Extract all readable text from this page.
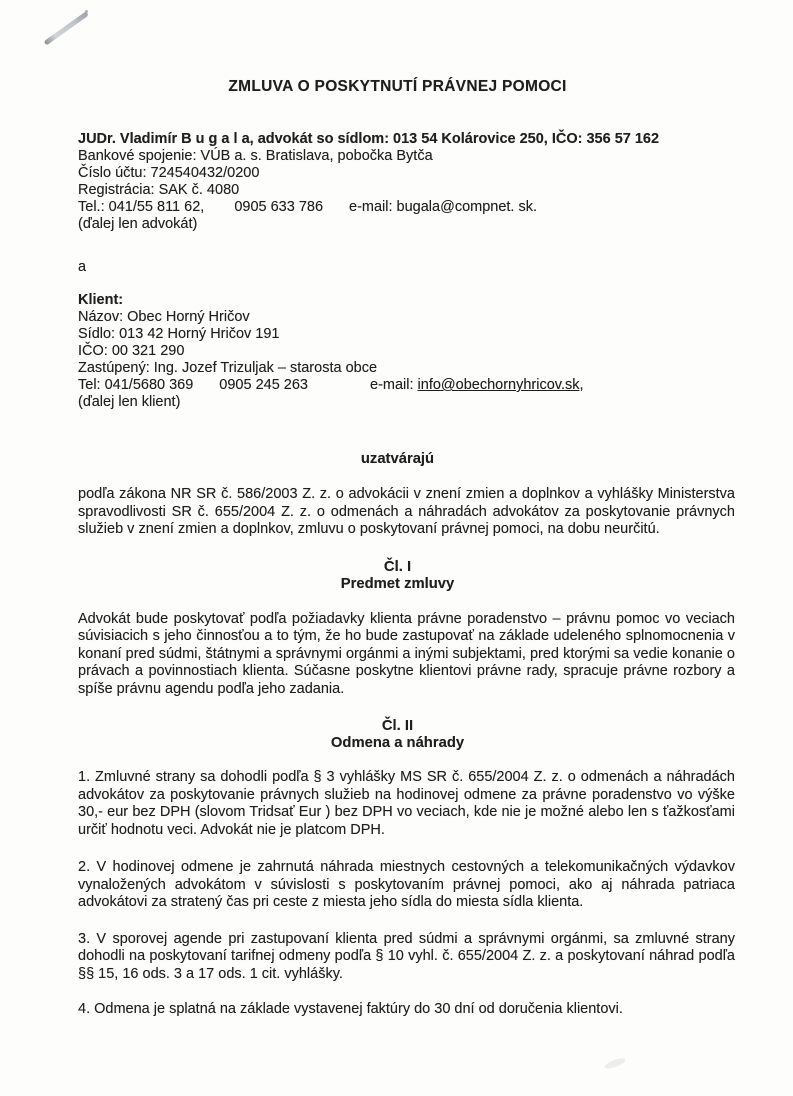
ZMLUVA O POSKYTNUTÍ PRÁVNEJ POMOCI

JUDr. Vladimír B u g a l a, advokát so sídlom: 013 54 Kolárovice 250, IČO: 356 57 162

Bankové spojenie: VÚB a. s. Bratislava, pobočka Bytča

Číslo účtu: 724540432/0200

Registrácia: SAK č. 4080

Tel.: 041/55 811 62, 0905 633 786 e-mail: bugala@compnet. sk.

(ďalej len advokát)

a

Klient:

Názov: Obec Horný Hričov

Sídlo: 013 42 Horný Hričov 191

IČO: 00 321 290

Zastúpený: Ing. Jozef Trizuljak – starosta obce

Tel: 041/5680 369 0905 245 263	e-mail: info@obechornyhricov.sk,

(ďalej len klient)

uzatvárajú

podľa zákona NR SR č. 586/2003 Z. z. o advokácii v znení zmien a doplnkov a vyhlášky Ministerstva spravodlivosti SR č. 655/2004 Z. z. o odmenách a náhradách advokátov za poskytovanie právnych služieb v znení zmien a doplnkov, zmluvu o poskytovaní právnej pomoci, na dobu neurčitú.

Čl. I

Predmet zmluvy

Advokát bude poskytovať podľa požiadavky klienta právne poradenstvo – právnu pomoc vo veciach súvisiacich s jeho činnosťou a to tým, že ho bude zastupovať na základe udeleného splnomocnenia v konaní pred súdmi, štátnymi a správnymi orgánmi a inými subjektami, pred ktorými sa vedie konanie o právach a povinnostiach klienta. Súčasne poskytne klientovi právne rady, spracuje právne rozbory a spíše právnu agendu podľa jeho zadania.

Čl. II

Odmena a náhrady

1. Zmluvné strany sa dohodli podľa § 3 vyhlášky MS SR č. 655/2004 Z. z. o odmenách a náhradách advokátov za poskytovanie právnych služieb na hodinovej odmene za právne poradenstvo vo výške 30,- eur bez DPH (slovom Tridsať Eur ) bez DPH vo veciach, kde nie je možné alebo len s ťažkosťami určiť hodnotu veci. Advokát nie je platcom DPH.

2. V hodinovej odmene je zahrnutá náhrada miestnych cestovných a telekomunikačných výdavkov vynaložených advokátom v súvislosti s poskytovaním právnej pomoci, ako aj náhrada patriaca advokátovi za stratený čas pri ceste z miesta jeho sídla do miesta sídla klienta.

3. V sporovej agende pri zastupovaní klienta pred súdmi a správnymi orgánmi, sa zmluvné strany dohodli na poskytovaní tarifnej odmeny podľa § 10 vyhl. č. 655/2004 Z. z. a poskytovaní náhrad podľa §§ 15, 16 ods. 3 a 17 ods. 1 cit. vyhlášky.

4. Odmena je splatná na základe vystavenej faktúry do 30 dní od doručenia klientovi.
